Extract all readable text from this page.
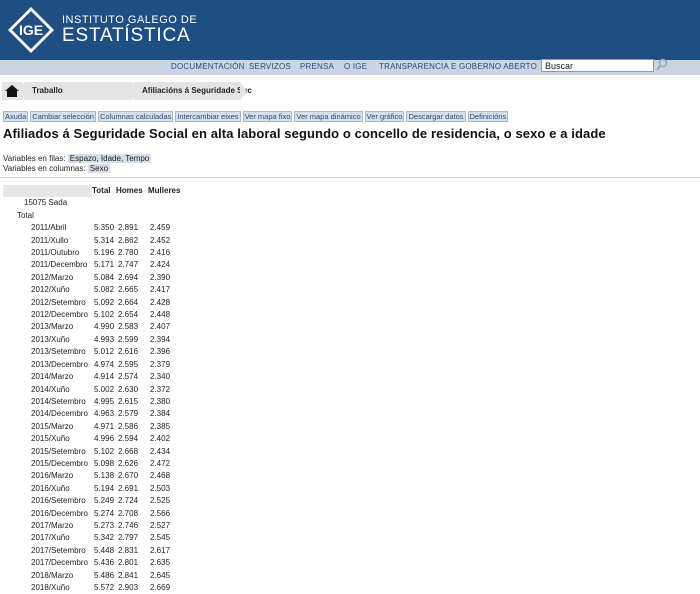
IGE
INSTITUTO GALEGO DE
ESTATÍSTICA
DOCUMENTACIÓN SERVIZOS PRENSA O IGE TRANSPARENCIA E GOBERNO ABERTO
Buscar
Traballo	Afiliacións á Seguridade Soc
Axuda Cambiar selección Columnas calculadas Intercambiar eixes Ver mapa fixo Ver mapa dinámico Ver gráfico Descargar datos Definicións
Afiliados á Seguridade Social en alta laboral segundo o concello de residencia, o sexo e a idade
Variables en filas: Espazo, Idade, Tempo
Variables en columnas: Sexo
	Total	Homes	Mulleres
15075 Sada			
Total			
2011/Abril	5.350	2.891	2.459
2011/Xullo	5.314	2.862	2.452
2011/Outubro	5.196	2.780	2.416
2011/Decembro	5.171	2.747	2.424
2012/Marzo	5.084	2.694	2.390
2012/Xuño	5.082	2.665	2.417
2012/Setembro	5.092	2.664	2.428
2012/Decembro	5.102	2.654	2.448
2013/Marzo	4.990	2.583	2.407
2013/Xuño	4.993	2.599	2.394
2013/Setembro	5.012	2.616	2.396
2013/Decembro	4.974	2.595	2.379
2014/Marzo	4.914	2.574	2.340
2014/Xuño	5.002	2.630	2.372
2014/Setembro	4.995	2.615	2.380
2014/Decembro	4.963	2.579	2.384
2015/Marzo	4.971	2.586	2.385
2015/Xuño	4.996	2.594	2.402
2015/Setembro	5.102	2.668	2.434
2015/Decembro	5.098	2.626	2.472
2016/Marzo	5.138	2.670	2.468
2016/Xuño	5.194	2.691	2.503
2016/Setembro	5.249	2.724	2.525
2016/Decembro	5.274	2.708	2.566
2017/Marzo	5.273	2.746	2.527
2017/Xuño	5.342	2.797	2.545
2017/Setembro	5.448	2.831	2.617
2017/Decembro	5.436	2.801	2.635
2018/Marzo	5.486	2.841	2.645
2018/Xuño	5.572	2.903	2.669
